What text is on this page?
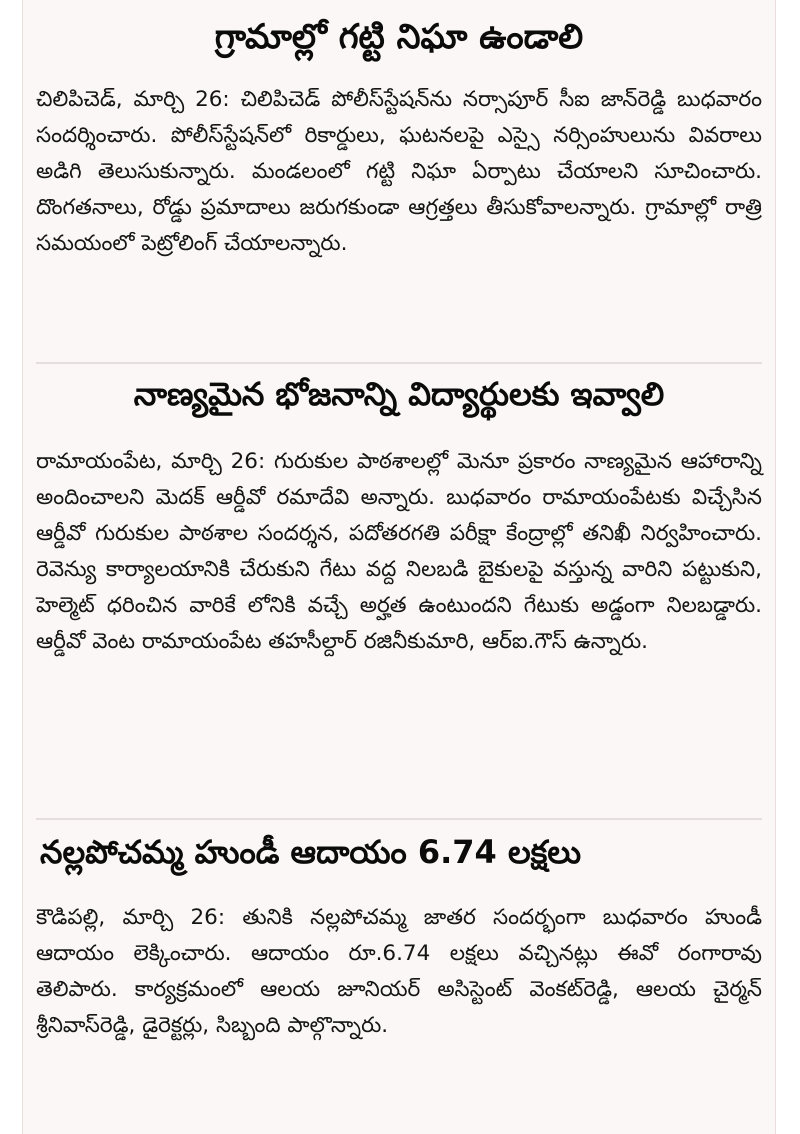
గ్రామాల్లో గట్టి నిఘా ఉండాలి

చిలిపిచెడ్, మార్చి 26: చిలిపిచెడ్ పోలీస్‌స్టేషన్‌ను నర్సాపూర్ సీఐ జాన్‌రెడ్డి బుధవారం సందర్శించారు. పోలీస్‌స్టేషన్‌లో రికార్డులు, ఘటనలపై ఎస్సై నర్సింహులును వివరాలు అడిగి తెలుసుకున్నారు. మండలంలో గట్టి నిఘా ఏర్పాటు చేయాలని సూచించారు. దొంగతనాలు, రోడ్డు ప్రమాదాలు జరుగకుండా ఆగ్రత్తలు తీసుకోవాలన్నారు. గ్రామాల్లో రాత్రి సమయంలో పెట్రోలింగ్ చేయాలన్నారు.

నాణ్యమైన భోజనాన్ని విద్యార్థులకు ఇవ్వాలి

రామాయంపేట, మార్చి 26: గురుకుల పాఠశాలల్లో మెనూ ప్రకారం నాణ్యమైన ఆహారాన్ని అందించాలని మెదక్ ఆర్డీవో రమాదేవి అన్నారు. బుధవారం రామాయంపేటకు విచ్చేసిన ఆర్డీవో గురుకుల పాఠశాల సందర్శన, పదోతరగతి పరీక్షా కేంద్రాల్లో తనిఖీ నిర్వహించారు. రెవెన్యు కార్యాలయానికి చేరుకుని గేటు వద్ద నిలబడి బైకులపై వస్తున్న వారిని పట్టుకుని, హెల్మెట్ ధరించిన వారికే లోనికి వచ్చే అర్హత ఉంటుందని గేటుకు అడ్డంగా నిలబడ్డారు. ఆర్డీవో వెంట రామాయంపేట తహసీల్దార్ రజినీకుమారి, ఆర్ఐ.గౌస్ ఉన్నారు.

నల్లపోచమ్మ హుండీ ఆదాయం 6.74 లక్షలు

కౌడిపల్లి, మార్చి 26: తునికి నల్లపోచమ్మ జాతర సందర్భంగా బుధవారం హుండీ ఆదాయం లెక్కించారు. ఆదాయం రూ.6.74 లక్షలు వచ్చినట్లు ఈవో రంగారావు తెలిపారు. కార్యక్రమంలో ఆలయ జూనియర్ అసిస్టెంట్ వెంకట్‌రెడ్డి, ఆలయ చైర్మన్ శ్రీనివాస్‌రెడ్డి, డైరెక్టర్లు, సిబ్బంది పాల్గొన్నారు.
